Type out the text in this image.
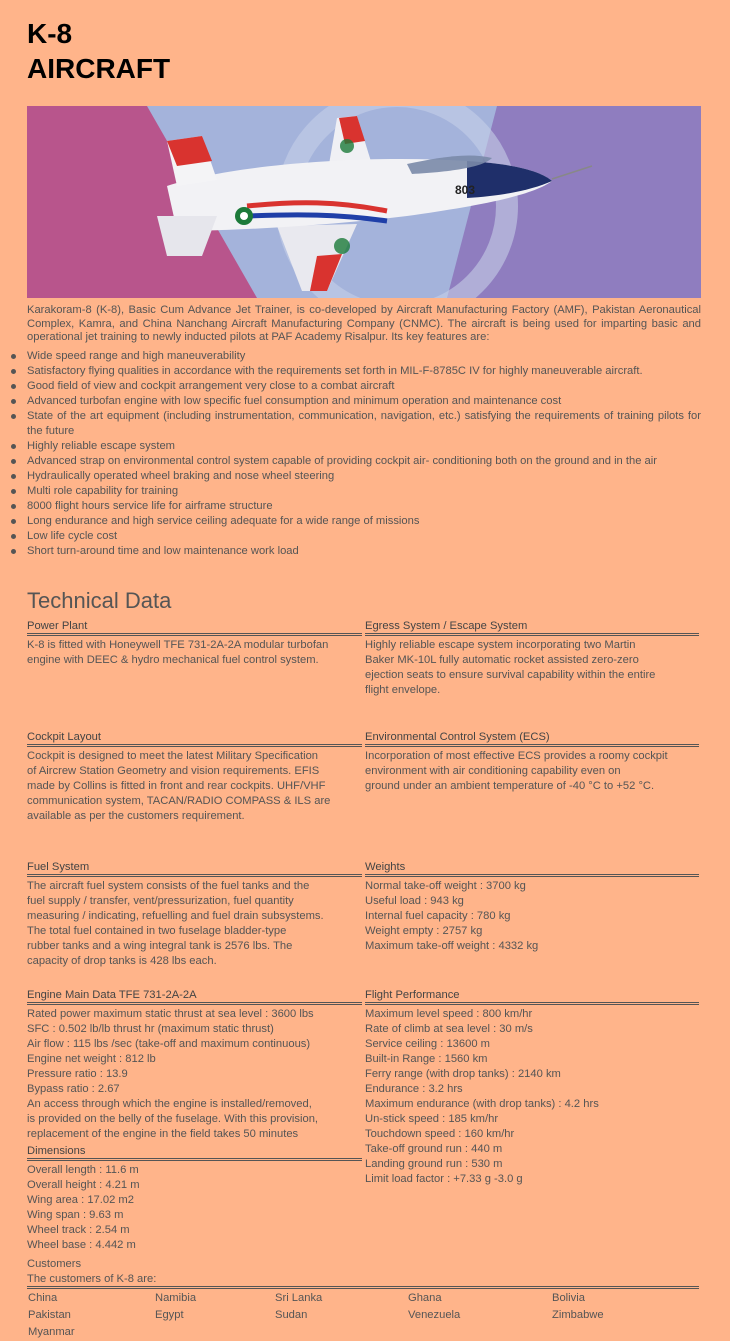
K-8
AIRCRAFT
803

Karakoram-8 (K-8), Basic Cum Advance Jet Trainer, is co-developed by Aircraft Manufacturing Factory (AMF), Pakistan Aeronautical Complex, Kamra, and China Nanchang Aircraft Manufacturing Company (CNMC). The aircraft is being used for imparting basic and operational jet training to newly inducted pilots at PAF Academy Risalpur. Its key features are:

Wide speed range and high maneuverability
Satisfactory flying qualities in accordance with the requirements set forth in MIL-F-8785C IV for highly maneuverable aircraft.
Good field of view and cockpit arrangement very close to a combat aircraft
Advanced turbofan engine with low specific fuel consumption and minimum operation and maintenance cost
State of the art equipment (including instrumentation, communication, navigation, etc.) satisfying the requirements of training pilots for the future
Highly reliable escape system
Advanced strap on environmental control system capable of providing cockpit air- conditioning both on the ground and in the air
Hydraulically operated wheel braking and nose wheel steering
Multi role capability for training
8000 flight hours service life for airframe structure
Long endurance and high service ceiling adequate for a wide range of missions
Low life cycle cost
Short turn-around time and low maintenance work load
Technical Data
Power Plant
K-8 is fitted with Honeywell TFE 731-2A-2A modular turbofan
engine with DEEC & hydro mechanical fuel control system.
Egress System / Escape System
Highly reliable escape system incorporating two Martin
Baker MK-10L fully automatic rocket assisted zero-zero
ejection seats to ensure survival capability within the entire
flight envelope.
Cockpit Layout
Cockpit is designed to meet the latest Military Specification
of Aircrew Station Geometry and vision requirements. EFIS
made by Collins is fitted in front and rear cockpits. UHF/VHF
communication system, TACAN/RADIO COMPASS & ILS are
available as per the customers requirement.
Environmental Control System (ECS)
Incorporation of most effective ECS provides a roomy cockpit
environment with air conditioning capability even on
ground under an ambient temperature of -40 °C to +52 °C.
Fuel System
The aircraft fuel system consists of the fuel tanks and the
fuel supply / transfer, vent/pressurization, fuel quantity
measuring / indicating, refuelling and fuel drain subsystems.
The total fuel contained in two fuselage bladder-type
rubber tanks and a wing integral tank is 2576 lbs. The
capacity of drop tanks is 428 lbs each.
Weights
Normal take-off weight : 3700 kg
Useful load : 943 kg
Internal fuel capacity : 780 kg
Weight empty : 2757 kg
Maximum take-off weight : 4332 kg
Engine Main Data TFE 731-2A-2A
Rated power maximum static thrust at sea level : 3600 lbs
SFC : 0.502 lb/lb thrust hr (maximum static thrust)
Air flow : 115 lbs /sec (take-off and maximum continuous)
Engine net weight : 812 lb
Pressure ratio : 13.9
Bypass ratio : 2.67
An access through which the engine is installed/removed,
is provided on the belly of the fuselage. With this provision,
replacement of the engine in the field takes 50 minutes
Flight Performance
Maximum level speed : 800 km/hr
Rate of climb at sea level : 30 m/s
Service ceiling : 13600 m
Built-in Range : 1560 km
Ferry range (with drop tanks) : 2140 km
Endurance : 3.2 hrs
Maximum endurance (with drop tanks) : 4.2 hrs
Un-stick speed : 185 km/hr
Touchdown speed : 160 km/hr
Take-off ground run : 440 m
Landing ground run : 530 m
Limit load factor : +7.33 g -3.0 g
Dimensions
Overall length : 11.6 m
Overall height : 4.21 m
Wing area : 17.02 m2
Wing span : 9.63 m
Wheel track : 2.54 m
Wheel base : 4.442 m
Customers
The customers of K-8 are:
China	Namibia	Sri Lanka	Ghana	Bolivia
Pakistan	Egypt	Sudan	Venezuela	Zimbabwe
Myanmar
